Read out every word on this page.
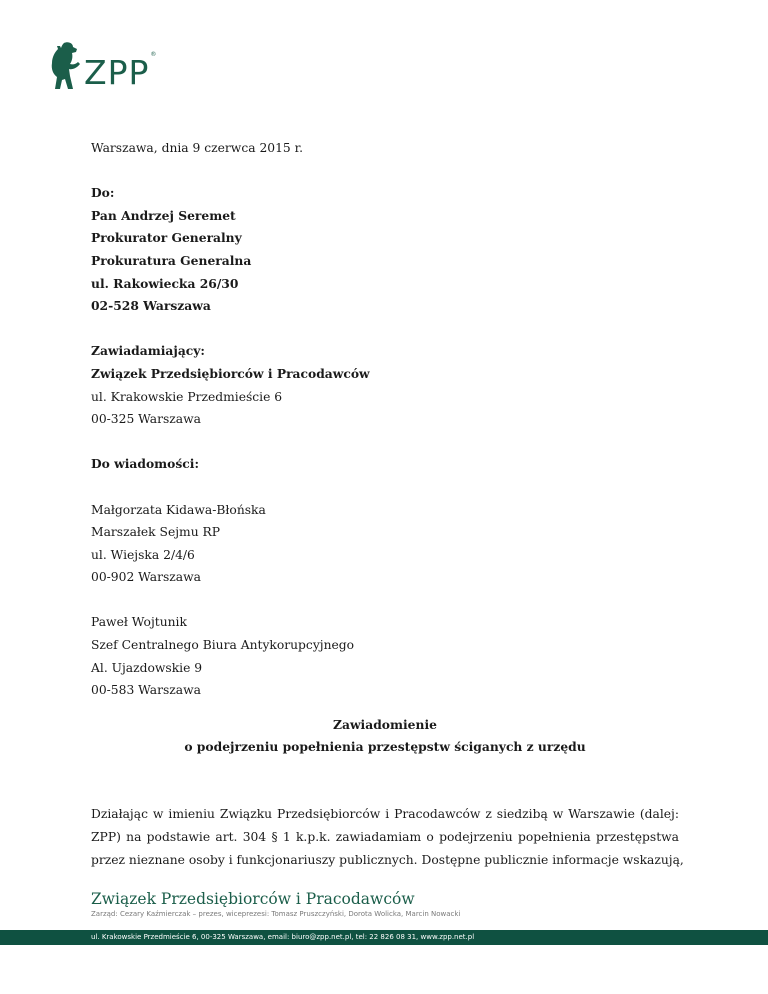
ZPP ®
Warszawa, dnia 9 czerwca 2015 r.
Do:
Pan Andrzej Seremet
Prokurator Generalny
Prokuratura Generalna
ul. Rakowiecka 26/30
02-528 Warszawa
Zawiadamiający:
Związek Przedsiębiorców i Pracodawców
ul. Krakowskie Przedmieście 6
00-325 Warszawa
Do wiadomości:
Małgorzata Kidawa-Błońska
Marszałek Sejmu RP
ul. Wiejska 2/4/6
00-902 Warszawa
Paweł Wojtunik
Szef Centralnego Biura Antykorupcyjnego
Al. Ujazdowskie 9
00-583 Warszawa
Zawiadomienie
o podejrzeniu popełnienia przestępstw ściganych z urzędu
Działając w imieniu Związku Przedsiębiorców i Pracodawców z siedzibą w Warszawie (dalej:
ZPP) na podstawie art. 304 § 1 k.p.k. zawiadamiam o podejrzeniu popełnienia przestępstwa
przez nieznane osoby i funkcjonariuszy publicznych. Dostępne publicznie informacje wskazują,
Związek Przedsiębiorców i Pracodawców
Zarząd: Cezary Kaźmierczak – prezes, wiceprezesi: Tomasz Pruszczyński, Dorota Wolicka, Marcin Nowacki
ul. Krakowskie Przedmieście 6, 00-325 Warszawa, email: biuro@zpp.net.pl, tel: 22 826 08 31, www.zpp.net.pl
